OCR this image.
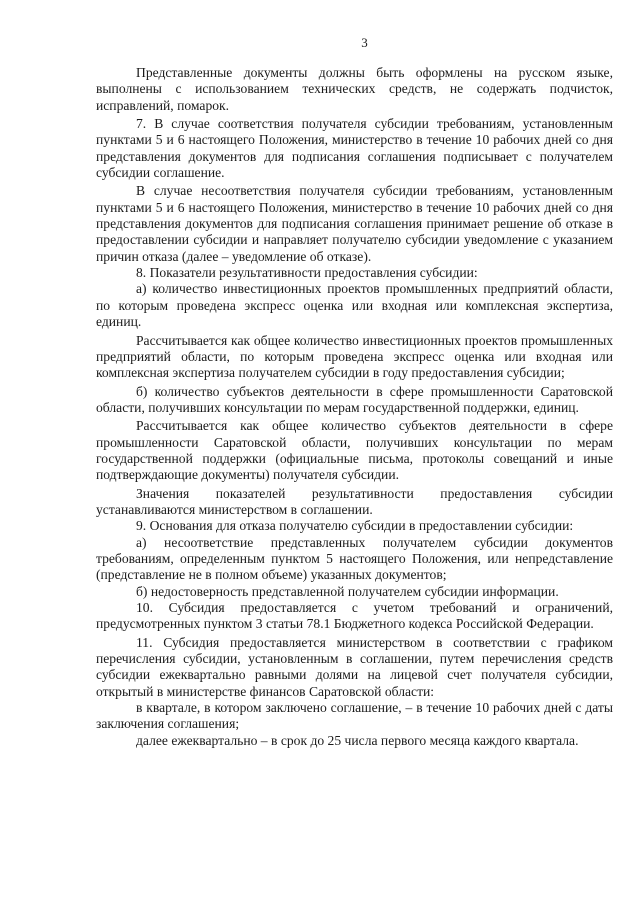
3

Представленные документы должны быть оформлены на русском языке, выполнены с использованием технических средств, не содержать подчисток, исправлений, помарок.

7. В случае соответствия получателя субсидии требованиям, установленным пунктами 5 и 6 настоящего Положения, министерство в течение 10 рабочих дней со дня представления документов для подписания соглашения подписывает с получателем субсидии соглашение.

В случае несоответствия получателя субсидии требованиям, установленным пунктами 5 и 6 настоящего Положения, министерство в течение 10 рабочих дней со дня представления документов для подписания соглашения принимает решение об отказе в предоставлении субсидии и направляет получателю субсидии уведомление с указанием причин отказа (далее – уведомление об отказе).

8. Показатели результативности предоставления субсидии:

а) количество инвестиционных проектов промышленных предприятий области, по которым проведена экспресс оценка или входная или комплексная экспертиза, единиц.

Рассчитывается как общее количество инвестиционных проектов промышленных предприятий области, по которым проведена экспресс оценка или входная или комплексная экспертиза получателем субсидии в году предоставления субсидии;

б) количество субъектов деятельности в сфере промышленности Саратовской области, получивших консультации по мерам государственной поддержки, единиц.

Рассчитывается как общее количество субъектов деятельности в сфере промышленности Саратовской области, получивших консультации по мерам государственной поддержки (официальные письма, протоколы совещаний и иные подтверждающие документы) получателя субсидии.

Значения показателей результативности предоставления субсидии устанавливаются министерством в соглашении.

9. Основания для отказа получателю субсидии в предоставлении субсидии:

а) несоответствие представленных получателем субсидии документов требованиям, определенным пунктом 5 настоящего Положения, или непредставление (представление не в полном объеме) указанных документов;

б) недостоверность представленной получателем субсидии информации.

10. Субсидия предоставляется с учетом требований и ограничений, предусмотренных пунктом 3 статьи 78.1 Бюджетного кодекса Российской Федерации.

11. Субсидия предоставляется министерством в соответствии с графиком перечисления субсидии, установленным в соглашении, путем перечисления средств субсидии ежеквартально равными долями на лицевой счет получателя субсидии, открытый в министерстве финансов Саратовской области:

в квартале, в котором заключено соглашение, – в течение 10 рабочих дней с даты заключения соглашения;

далее ежеквартально – в срок до 25 числа первого месяца каждого квартала.
